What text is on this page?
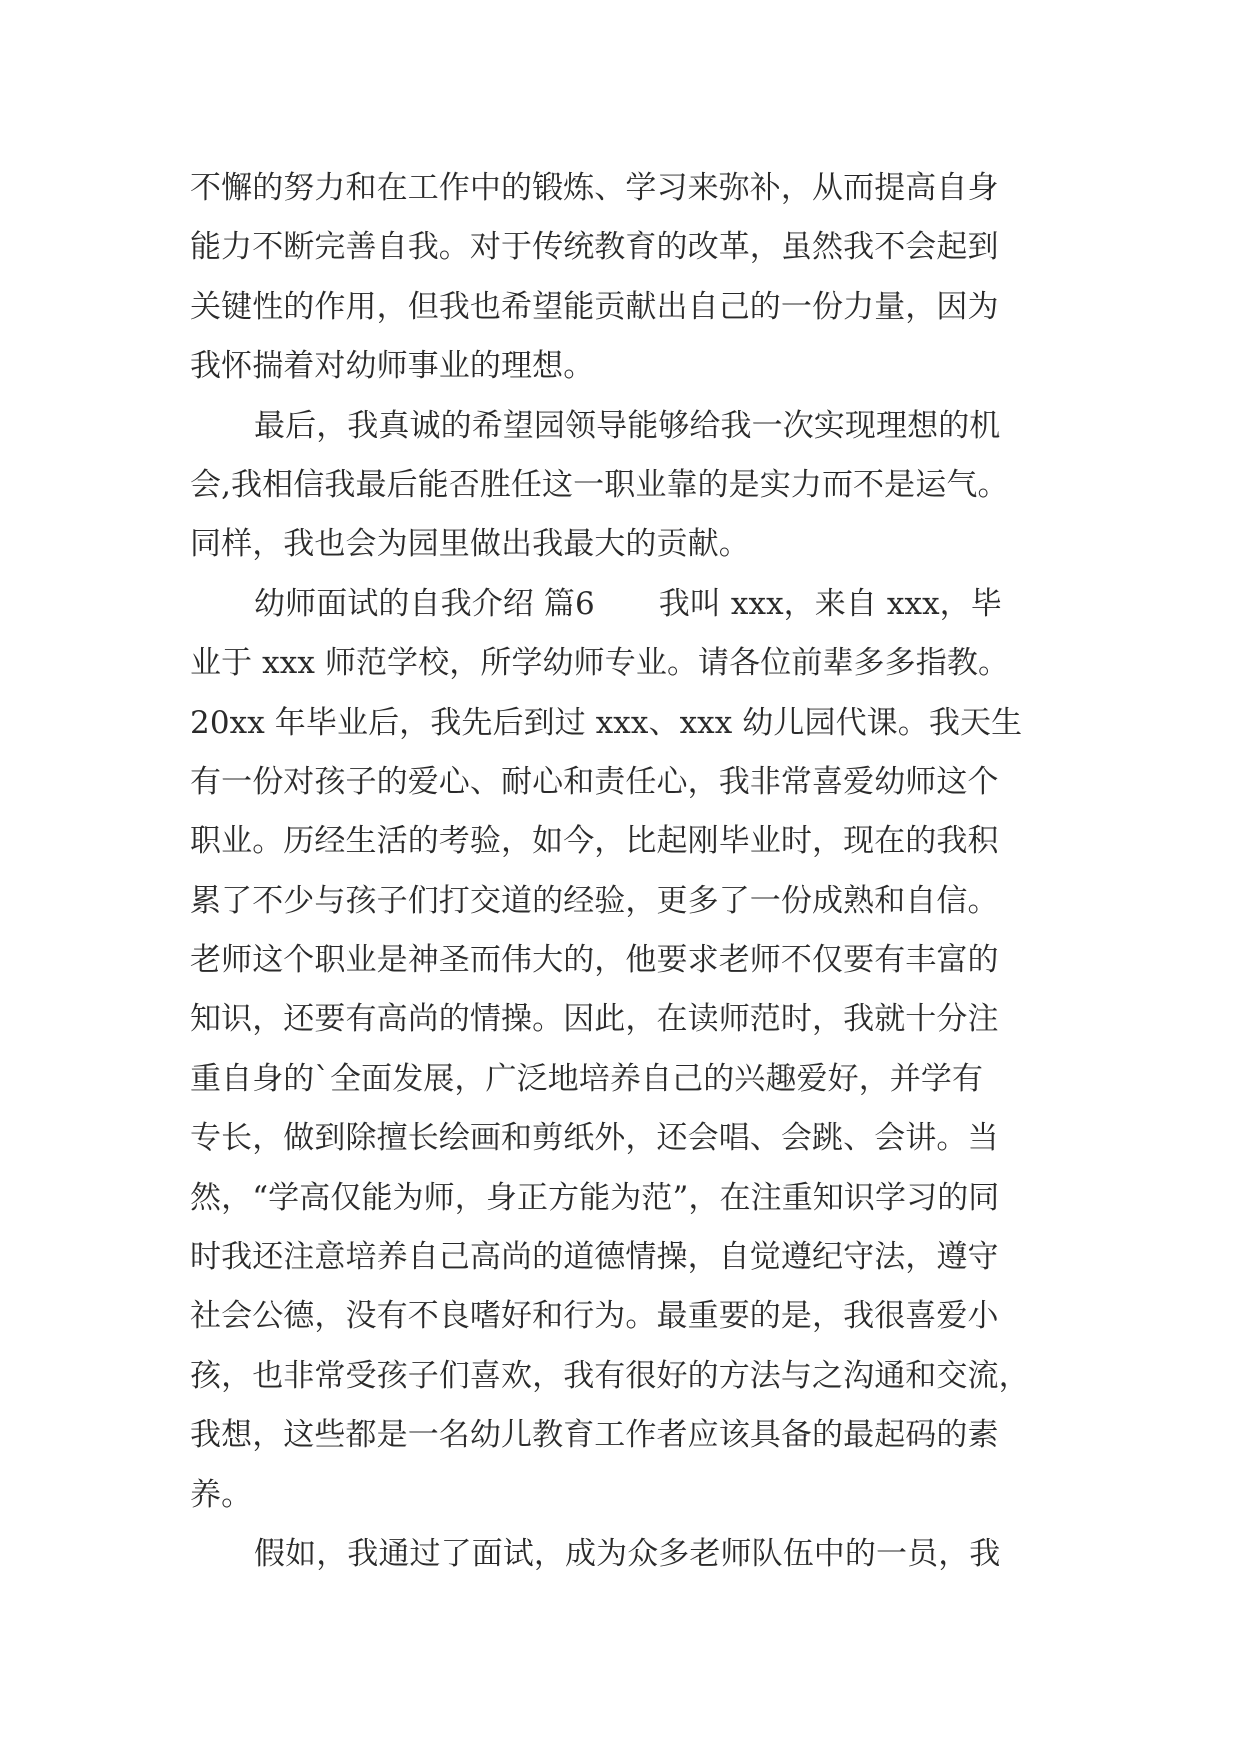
不懈的努力和在工作中的锻炼、学习来弥补，从而提高自身
能力不断完善自我。对于传统教育的改革，虽然我不会起到
关键性的作用，但我也希望能贡献出自己的一份力量，因为
我怀揣着对幼师事业的理想。
最后，我真诚的希望园领导能够给我一次实现理想的机
会,我相信我最后能否胜任这一职业靠的是实力而不是运气。
同样，我也会为园里做出我最大的贡献。
幼师面试的自我介绍 篇6 我叫 xxx，来自 xxx，毕
业于 xxx 师范学校，所学幼师专业。请各位前辈多多指教。
20xx 年毕业后，我先后到过 xxx、xxx 幼儿园代课。我天生
有一份对孩子的爱心、耐心和责任心，我非常喜爱幼师这个
职业。历经生活的考验，如今，比起刚毕业时，现在的我积
累了不少与孩子们打交道的经验，更多了一份成熟和自信。
老师这个职业是神圣而伟大的，他要求老师不仅要有丰富的
知识，还要有高尚的情操。因此，在读师范时，我就十分注
重自身的`全面发展，广泛地培养自己的兴趣爱好，并学有
专长，做到除擅长绘画和剪纸外，还会唱、会跳、会讲。当
然，“学高仅能为师，身正方能为范”，在注重知识学习的同
时我还注意培养自己高尚的道德情操，自觉遵纪守法，遵守
社会公德，没有不良嗜好和行为。最重要的是，我很喜爱小
孩，也非常受孩子们喜欢，我有很好的方法与之沟通和交流，
我想，这些都是一名幼儿教育工作者应该具备的最起码的素
养。
假如，我通过了面试，成为众多老师队伍中的一员，我
